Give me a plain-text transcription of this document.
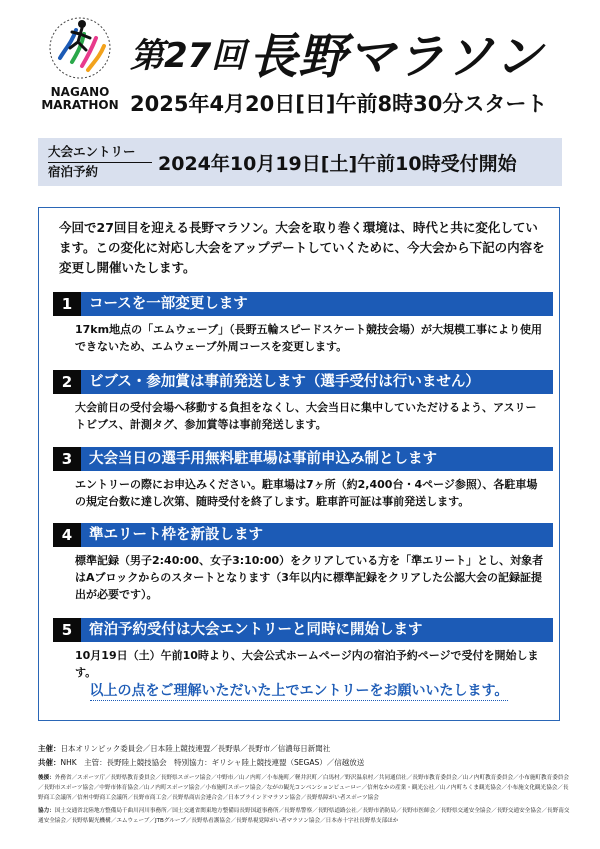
NAGANO
MARATHON
第27回長野マラソン
2025年4月20日[日]午前8時30分スタート
大会エントリー
宿泊予約	2024年10月19日[土]午前10時受付開始
今回で27回目を迎える長野マラソン。大会を取り巻く環境は、時代と共に変化しています。この変化に対応し大会をアップデートしていくために、今大会から下記の内容を変更し開催いたします。
1	コースを一部変更します
17km地点の「エムウェーブ」（長野五輪スピードスケート競技会場）が大規模工事により使用できないため、エムウェーブ外周コースを変更します。
2	ビブス・参加賞は事前発送します（選手受付は行いません）
大会前日の受付会場へ移動する負担をなくし、大会当日に集中していただけるよう、アスリートビブス、計測タグ、参加賞等は事前発送します。
3	大会当日の選手用無料駐車場は事前申込み制とします
エントリーの際にお申込みください。駐車場は7ヶ所（約2,400台・4ページ参照）、各駐車場の規定台数に達し次第、随時受付を終了します。駐車許可証は事前発送します。
4	準エリート枠を新設します
標準記録（男子2:40:00、女子3:10:00）をクリアしている方を「準エリート」とし、対象者はAブロックからのスタートとなります（3年以内に標準記録をクリアした公認大会の記録証提出が必要です）。
5	宿泊予約受付は大会エントリーと同時に開始します
10月19日（土）午前10時より、大会公式ホームページ内の宿泊予約ページで受付を開始します。
以上の点をご理解いただいた上でエントリーをお願いいたします。
主催：日本オリンピック委員会／日本陸上競技連盟／長野県／長野市／信濃毎日新聞社
共催：NHK　主管：長野陸上競技協会　特別協力：ギリシャ陸上競技連盟（SEGAS）／信越放送
後援：外務省／スポーツ庁／長野県教育委員会／長野県スポーツ協会／中野市／山ノ内町／小布施町／軽井沢町／白馬村／野沢温泉村／共同通信社／長野市教育委員会／山ノ内町教育委員会／小布施町教育委員会／長野市スポーツ協会／中野市体育協会／山ノ内町スポーツ協会／小布施町スポーツ協会／ながの観光コンベンションビューロー／信州なかの産業・観光公社／山ノ内町ちくま観光協会／小布施文化観光協会／長野商工会議所／信州中野商工会議所／長野市商工会／長野県商店会連合会／日本ブラインドマラソン協会／長野県障がい者スポーツ協会
協力：国土交通省北陸地方整備局千曲川河川事務所／国土交通省関東地方整備局長野国道事務所／長野県警察／長野県道路公社／長野市消防局／長野市医師会／長野県交通安全協会／長野交通安全協会／長野南交通安全協会／長野県観光機構／エムウェーブ／JTBグループ／長野県看護協会／長野県視覚障がい者マラソン協会／日本赤十字社長野県支部ほか
